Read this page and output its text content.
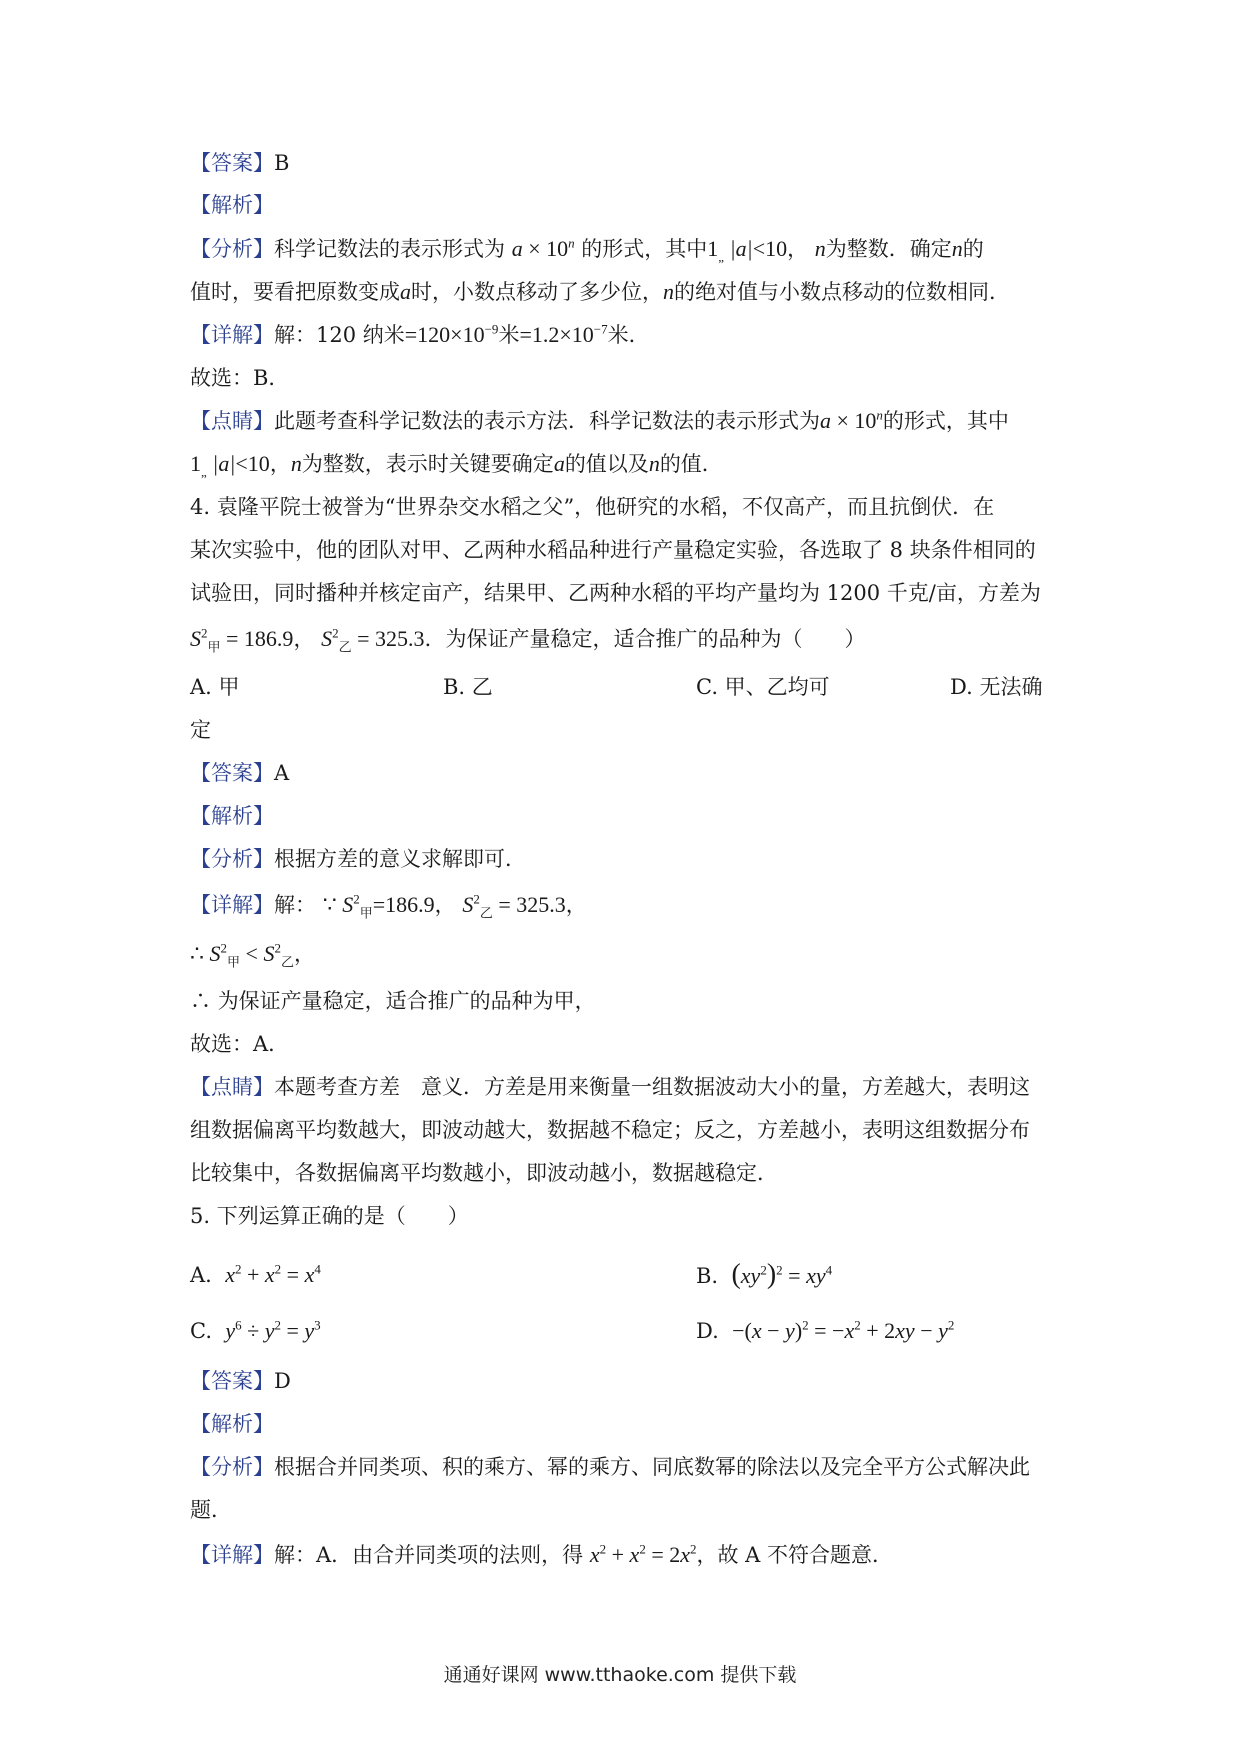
【答案】B
【解析】
【分析】科学记数法的表示形式为 $a \times 10^n$ 的形式，其中$1_„$ |a|<10， n为整数．确定n的
值时，要看把原数变成a时，小数点移动了多少位，n的绝对值与小数点移动的位数相同．
【详解】解：120 纳米$=120\times 10^{-9}$米$=1.2\times 10^{-7}$米．
故选：B．
【点睛】此题考查科学记数法的表示方法．科学记数法的表示形式为$a \times 10^n$的形式，其中
$1_„$ |a|<10，n为整数，表示时关键要确定a的值以及n的值．
4. 袁隆平院士被誉为“世界杂交水稻之父”，他研究的水稻，不仅高产，而且抗倒伏．在
某次实验中，他的团队对甲、乙两种水稻品种进行产量稳定实验，各选取了 8 块条件相同的
试验田，同时播种并核定亩产，结果甲、乙两种水稻的平均产量均为 1200 千克/亩，方差为
$S^2_甲 = 186.9$， $S^2_乙 = 325.3$．为保证产量稳定，适合推广的品种为（　　）
A. 甲	B. 乙	C. 甲、乙均可	D. 无法确
定
【答案】A
【解析】
【分析】根据方差的意义求解即可．
【详解】解： ∵ $S^2_甲=186.9$， $S^2_乙 = 325.3$，
∴ $S^2_甲 < S^2_乙$，
∴ 为保证产量稳定，适合推广的品种为甲，
故选：A．
【点睛】本题考查方差　意义．方差是用来衡量一组数据波动大小的量，方差越大，表明这
组数据偏离平均数越大，即波动越大，数据越不稳定；反之，方差越小，表明这组数据分布
比较集中，各数据偏离平均数越小，即波动越小，数据越稳定．
5. 下列运算正确的是（　　）
A. $x^2 + x^2 = x^4$	B. $(xy^2)^2 = xy^4$
C. $y^6 \div y^2 = y^3$	D. $-(x - y)^2 = -x^2 + 2xy - y^2$
【答案】D
【解析】
【分析】根据合并同类项、积的乘方、幂的乘方、同底数幂的除法以及完全平方公式解决此
题．
【详解】解：A．由合并同类项的法则，得 $x^2 + x^2 = 2x^2$，故 A 不符合题意．
通通好课网 www.tthaoke.com 提供下载
